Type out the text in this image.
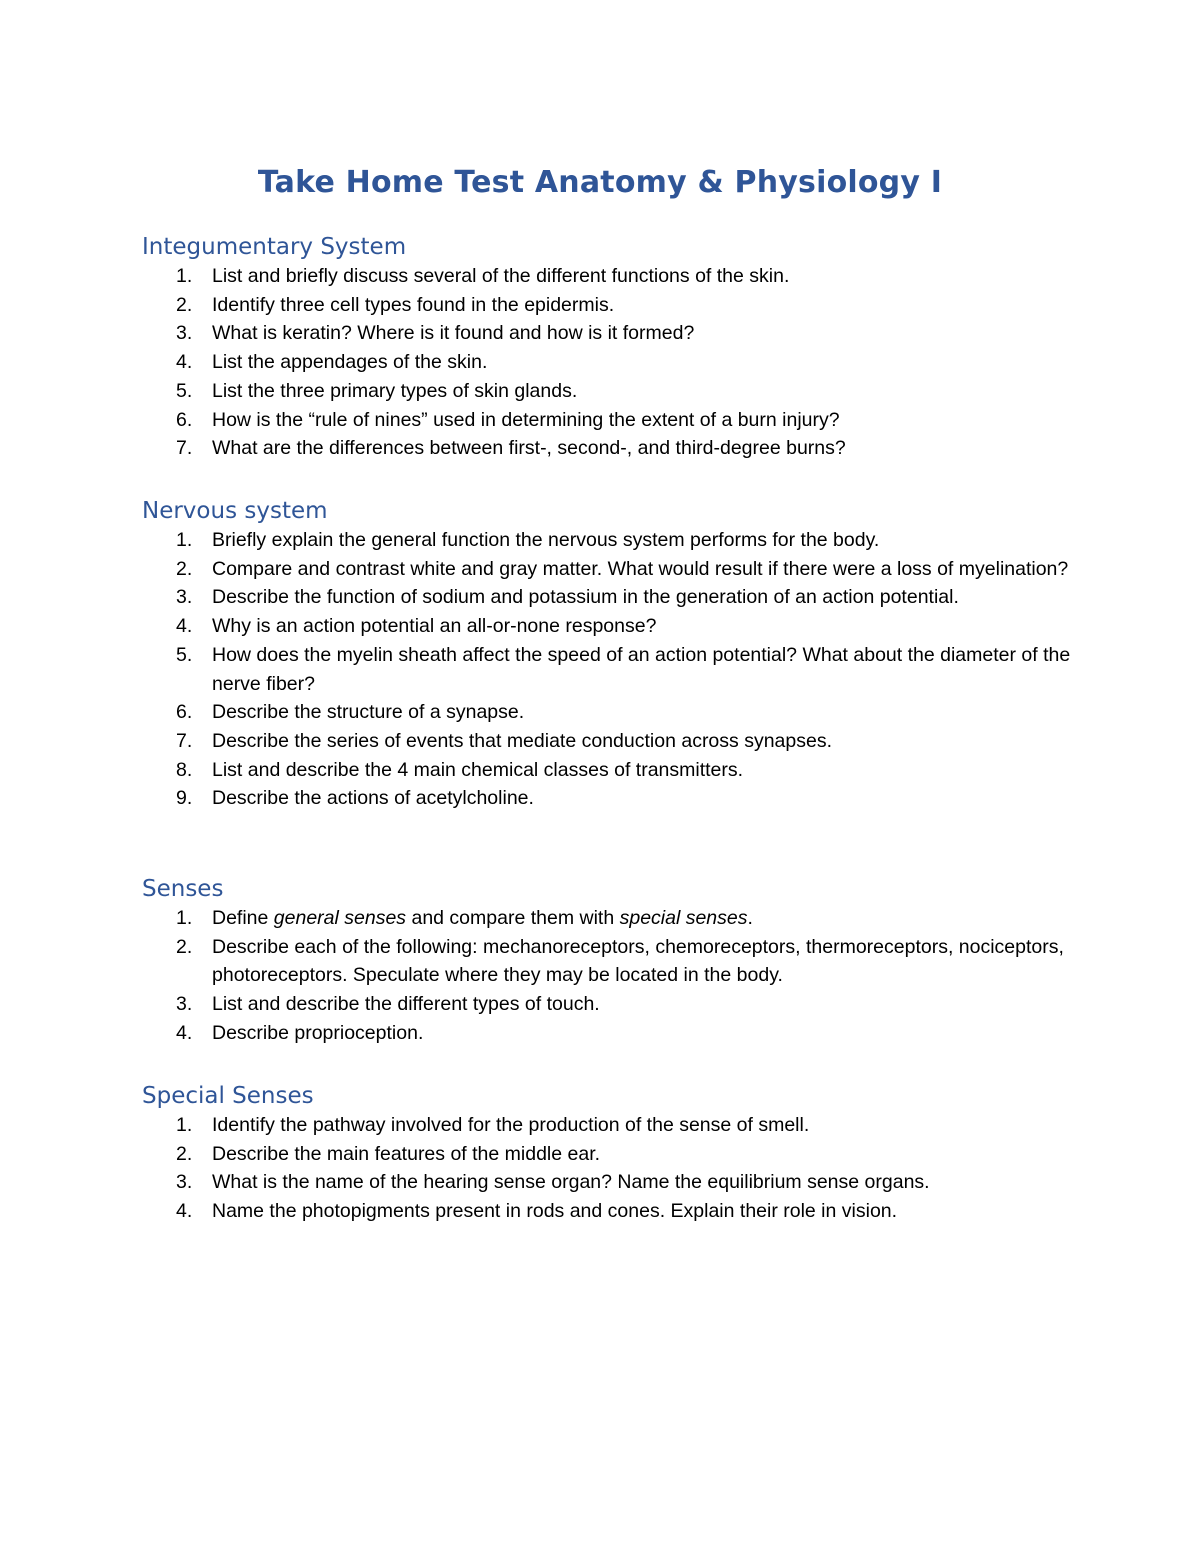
Take Home Test Anatomy & Physiology I
Integumentary System
1.	List and briefly discuss several of the different functions of the skin.
2.	Identify three cell types found in the epidermis.
3.	What is keratin? Where is it found and how is it formed?
4.	List the appendages of the skin.
5.	List the three primary types of skin glands.
6.	How is the “rule of nines” used in determining the extent of a burn injury?
7.	What are the differences between first-, second-, and third-degree burns?
Nervous system
1.	Briefly explain the general function the nervous system performs for the body.
2.	Compare and contrast white and gray matter. What would result if there were a loss of myelination?
3.	Describe the function of sodium and potassium in the generation of an action potential.
4.	Why is an action potential an all-or-none response?
5.	How does the myelin sheath affect the speed of an action potential? What about the diameter of the nerve fiber?
6.	Describe the structure of a synapse.
7.	Describe the series of events that mediate conduction across synapses.
8.	List and describe the 4 main chemical classes of transmitters.
9.	Describe the actions of acetylcholine.
Senses
1.	Define general senses and compare them with special senses.
2.	Describe each of the following: mechanoreceptors, chemoreceptors, thermoreceptors, nociceptors, photoreceptors. Speculate where they may be located in the body.
3.	List and describe the different types of touch.
4.	Describe proprioception.
Special Senses
1.	Identify the pathway involved for the production of the sense of smell.
2.	Describe the main features of the middle ear.
3.	What is the name of the hearing sense organ? Name the equilibrium sense organs.
4.	Name the photopigments present in rods and cones. Explain their role in vision.
